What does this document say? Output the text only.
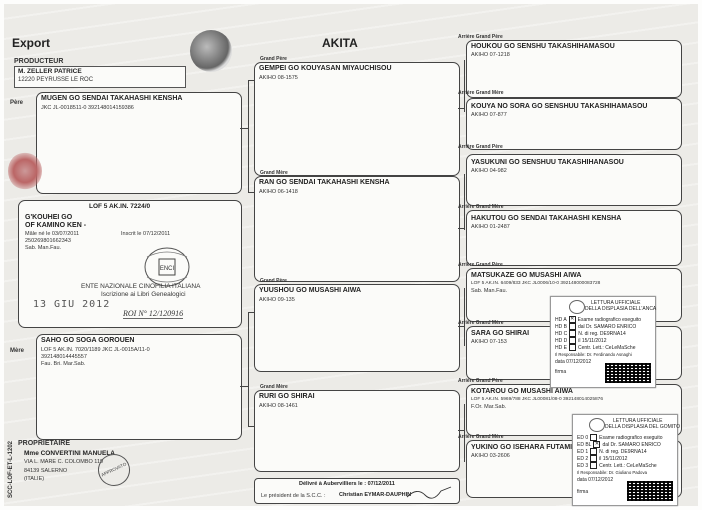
Export	AKITA
PRODUCTEUR
M. ZELLER PATRICE
12220 PEYRUSSE LE ROC
Père
MUGEN GO SENDAI TAKAHASHI KENSHA
JKC JL-0018511-0 392148014159386
LOF 5 AK.IN. 7224/0
G'KOUHEI GO
OF KAMINO KEN -
Mâle né le 03/07/2011	Inscrit le 07/12/2011
250269801662343
Sab. Man.Fau.
ENCI
ENTE NAZIONALE CINOFILIA ITALIANA
Iscrizione ai Libri Genealogici
13 GIU 2012
ROI N° 12/120916
Mère
SAHO GO SOGA GOROUEN
LOF 5 AK.IN. 7020/1189 JKC JL-0015A/11-0
392148014445557
Fau. Bri. Mar.Sab.
PROPRIETAIRE
Mme CONVERTINI MANUELA
VIA L. MARE C. COLOMBO 119
84139 SALERNO
(ITALIE)
APPROVATO
SCC-LOF-ET-L-1202
Grand Père
GEMPEI GO KOUYASAN MIYAUCHISOU
AKIHO 08-1575
Grand Mère
RAN GO SENDAI TAKAHASHI KENSHA
AKIHO 06-1418
Grand Père
YUUSHOU GO MUSASHI AIWA
AKIHO 09-135
Grand Mère
RURI GO SHIRAI
AKIHO 08-1461
Délivré à Aubervilliers le : 07/12/2011
Le président de la S.C.C. : Christian EYMAR-DAUPHIN
Arrière Grand Père
HOUKOU GO SENSHU TAKASHIHAMASOU
AKIHO 07-1218
Arrière Grand Mère
KOUYA NO SORA GO SENSHUU TAKASHIHAMASOU
AKIHO 07-877
Arrière Grand Père
YASUKUNI GO SENSHUU TAKASHIHANASOU
AKIHO 04-982
Arrière Grand Mère
HAKUTOU GO SENDAI TAKAHASHI KENSHA
AKIHO 01-2487
Arrière Grand Père
MATSUKAZE GO MUSASHI AIWA
LOF 5 AK.IN. 6409/833 JKC JL0006/10-0 392148000083728
Sab. Man.Fau.
Arrière Grand Mère
SARA GO SHIRAI
AKIHO 07-153
Arrière Grand Père
KOTAROU GO MUSASHI AIWA
LOF 5 AK.IN. 5969/788 JKC JL00081/08-0 392148014025876
F.Or. Mar.Sab.
Arrière Grand Mère
YUKINO GO ISEHARA FUTAMI
AKIHO 03-2606
LETTURA UFFICIALE
DELLA DISPLASIA DELL'ANCA
HD A ✕ Esame radiografico eseguito
HD B dal Dr. SAMARO ENRICO
HD C N. di reg. DE9RNA14
HD D il 15/11/2012
HD E Centr. Lett.: CeLeMaSche
Il Responsabile: Dr. Ferdinando Asnaghi
data 07/12/2012
firma
LETTURA UFFICIALE
DELLA DISPLASIA DEL GOMITO
ED 0 Esame radiografico eseguito
ED BL ✕ dal Dr. SAMARO ENRICO
ED 1 N. di reg. DE9RNA14
ED 2 il 15/11/2012
ED 3 Centr. Lett.: CeLeMaSche
Il Responsabile: Dr. Giuliano Padova
data 07/12/2012
firma
